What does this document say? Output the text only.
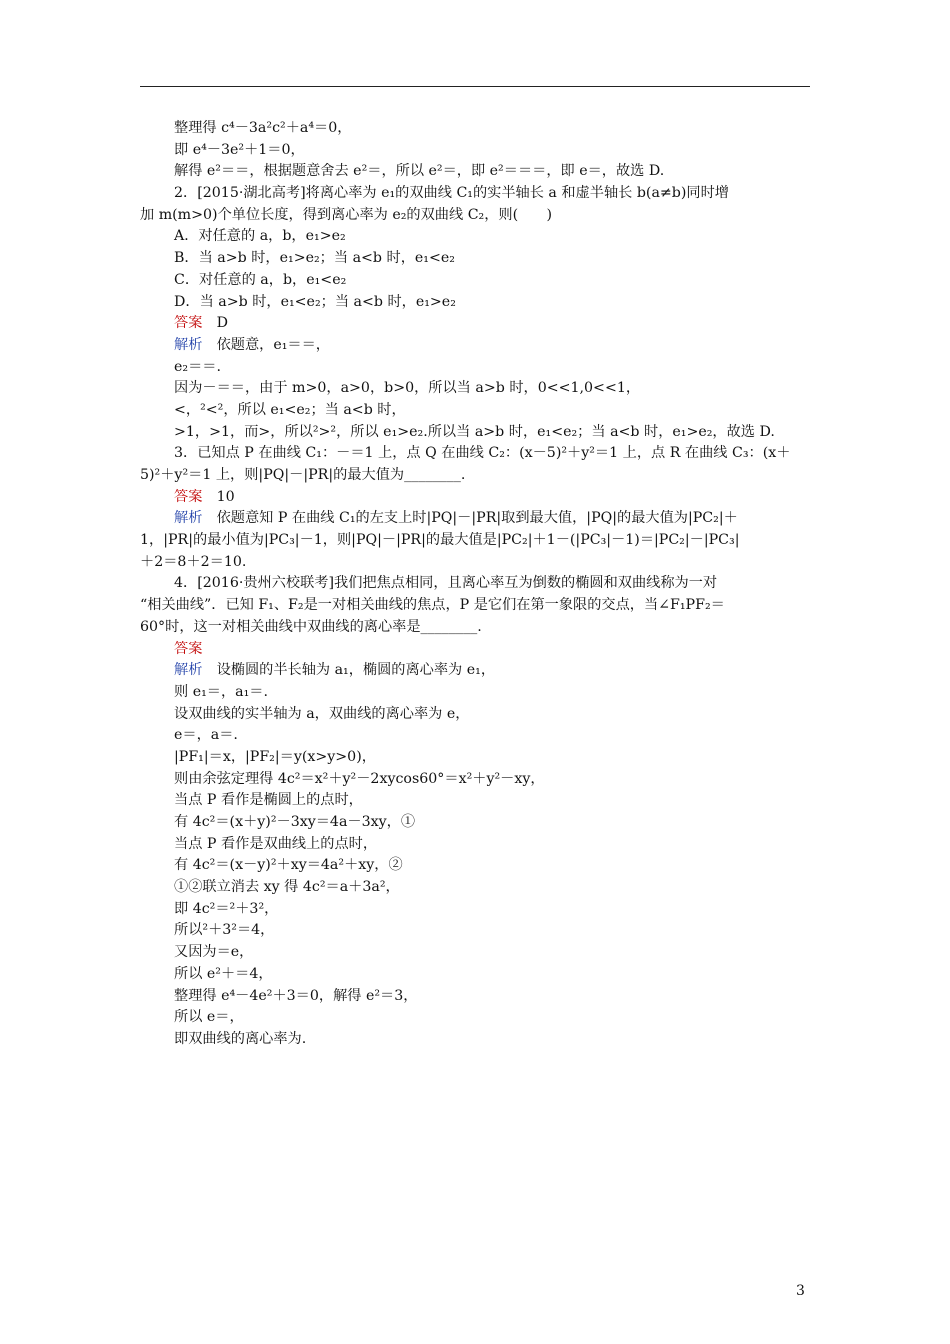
整理得 c⁴－3a²c²＋a⁴＝0，
即 e⁴－3e²＋1＝0，
解得 e²＝＝，根据题意舍去 e²＝，所以 e²＝，即 e²＝＝＝，即 e＝，故选 D.
2．[2015·湖北高考]将离心率为 e₁的双曲线 C₁的实半轴长 a 和虚半轴长 b(a≠b)同时增
加 m(m>0)个单位长度，得到离心率为 e₂的双曲线 C₂，则(　　)
A．对任意的 a，b，e₁>e₂
B．当 a>b 时，e₁>e₂；当 a<b 时，e₁<e₂
C．对任意的 a，b，e₁<e₂
D．当 a>b 时，e₁<e₂；当 a<b 时，e₁>e₂
答案　D
解析　依题意，e₁＝＝，
e₂＝＝.
因为－＝＝，由于 m>0，a>0，b>0，所以当 a>b 时，0<<1,0<<1，
<，²<²，所以 e₁<e₂；当 a<b 时，
>1，>1，而>，所以²>²，所以 e₁>e₂.所以当 a>b 时，e₁<e₂；当 a<b 时，e₁>e₂，故选 D.
3．已知点 P 在曲线 C₁：－＝1 上，点 Q 在曲线 C₂：(x－5)²＋y²＝1 上，点 R 在曲线 C₃：(x＋
5)²＋y²＝1 上，则|PQ|－|PR|的最大值为________.
答案　10
解析　依题意知 P 在曲线 C₁的左支上时|PQ|－|PR|取到最大值，|PQ|的最大值为|PC₂|＋
1，|PR|的最小值为|PC₃|－1，则|PQ|－|PR|的最大值是|PC₂|＋1－(|PC₃|－1)＝|PC₂|－|PC₃|
＋2＝8＋2＝10.
4．[2016·贵州六校联考]我们把焦点相同，且离心率互为倒数的椭圆和双曲线称为一对
“相关曲线”．已知 F₁、F₂是一对相关曲线的焦点，P 是它们在第一象限的交点，当∠F₁PF₂＝
60°时，这一对相关曲线中双曲线的离心率是________.
答案
解析　设椭圆的半长轴为 a₁，椭圆的离心率为 e₁，
则 e₁＝，a₁＝.
设双曲线的实半轴为 a，双曲线的离心率为 e，
e＝，a＝.
|PF₁|＝x，|PF₂|＝y(x>y>0)，
则由余弦定理得 4c²＝x²＋y²－2xycos60°＝x²＋y²－xy，
当点 P 看作是椭圆上的点时，
有 4c²＝(x＋y)²－3xy＝4a－3xy，①
当点 P 看作是双曲线上的点时，
有 4c²＝(x－y)²＋xy＝4a²＋xy，②
①②联立消去 xy 得 4c²＝a＋3a²，
即 4c²＝²＋3²，
所以²＋3²＝4，
又因为＝e，
所以 e²＋＝4，
整理得 e⁴－4e²＋3＝0，解得 e²＝3，
所以 e＝，
即双曲线的离心率为.
3
